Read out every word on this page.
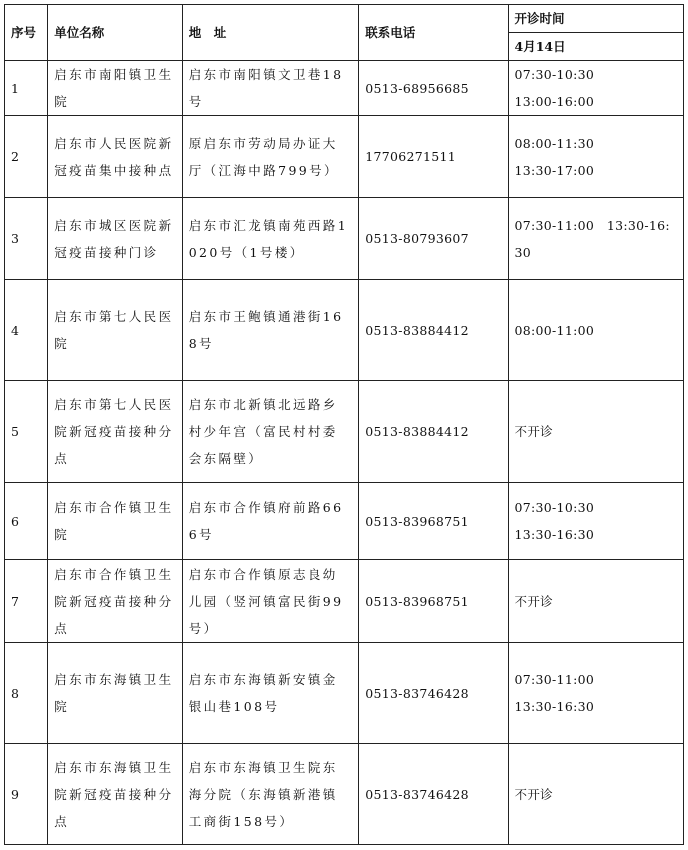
序号	单位名称	地　址	联系电话	开诊时间
				4月14日
1	启东市南阳镇卫生院	启东市南阳镇文卫巷18号	0513-68956685	07:30-10:30
13:00-16:00
2	启东市人民医院新冠疫苗集中接种点	原启东市劳动局办证大厅（江海中路799号）	17706271511	08:00-11:30
13:30-17:00
3	启东市城区医院新冠疫苗接种门诊	启东市汇龙镇南苑西路1020号（1号楼）	0513-80793607	07:30-11:00　13:30-16:30
4	启东市第七人民医院	启东市王鲍镇通港街168号	0513-83884412	08:00-11:00
5	启东市第七人民医院新冠疫苗接种分点	启东市北新镇北远路乡村少年宫（富民村村委会东隔壁）	0513-83884412	不开诊
6	启东市合作镇卫生院	启东市合作镇府前路666号	0513-83968751	07:30-10:30
13:30-16:30
7	启东市合作镇卫生院新冠疫苗接种分点	启东市合作镇原志良幼儿园（竖河镇富民街99号）	0513-83968751	不开诊
8	启东市东海镇卫生院	启东市东海镇新安镇金银山巷108号	0513-83746428	07:30-11:00
13:30-16:30
9	启东市东海镇卫生院新冠疫苗接种分点	启东市东海镇卫生院东海分院（东海镇新港镇工商街158号）	0513-83746428	不开诊
